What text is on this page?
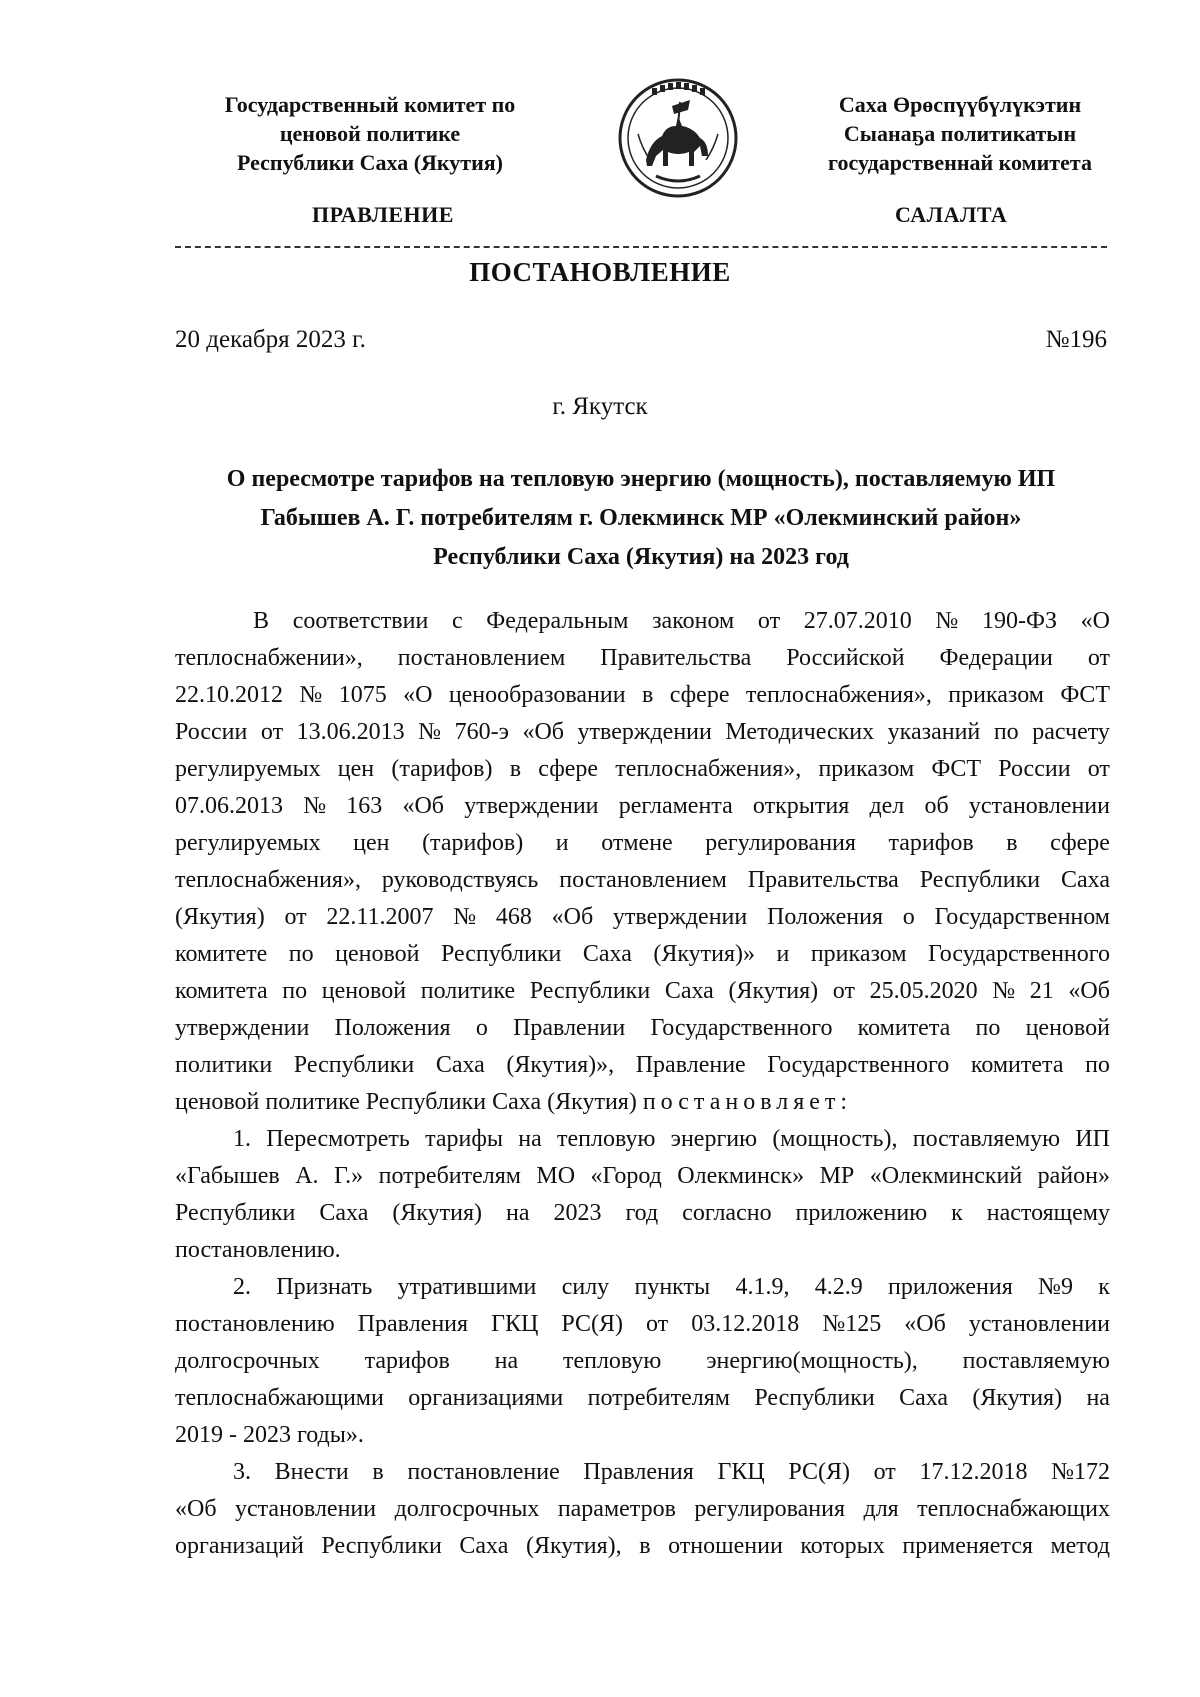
Государственный комитет по
ценовой политике
Республики Саха (Якутия)
Саха Өрөспүүбүлүкэтин
Сыанаҕа политикатын
государственнай комитета
ПРАВЛЕНИЕ	САЛАЛТА
ПОСТАНОВЛЕНИЕ
20 декабря 2023 г.	№196
г. Якутск
О пересмотре тарифов на тепловую энергию (мощность), поставляемую ИП
Габышев А. Г. потребителям г. Олекминск МР «Олекминский район»
Республики Саха (Якутия) на 2023 год
В соответствии с Федеральным законом от 27.07.2010 № 190-ФЗ «О
теплоснабжении», постановлением Правительства Российской Федерации от
22.10.2012 № 1075 «О ценообразовании в сфере теплоснабжения», приказом ФСТ
России от 13.06.2013 № 760-э «Об утверждении Методических указаний по расчету
регулируемых цен (тарифов) в сфере теплоснабжения», приказом ФСТ России от
07.06.2013 № 163 «Об утверждении регламента открытия дел об установлении
регулируемых цен (тарифов) и отмене регулирования тарифов в сфере
теплоснабжения», руководствуясь постановлением Правительства Республики Саха
(Якутия) от 22.11.2007 № 468 «Об утверждении Положения о Государственном
комитете по ценовой Республики Саха (Якутия)» и приказом Государственного
комитета по ценовой политике Республики Саха (Якутия) от 25.05.2020 № 21 «Об
утверждении Положения о Правлении Государственного комитета по ценовой
политики Республики Саха (Якутия)», Правление Государственного комитета по
ценовой политике Республики Саха (Якутия) постановляет:
1. Пересмотреть тарифы на тепловую энергию (мощность), поставляемую ИП
«Габышев А. Г.» потребителям МО «Город Олекминск» МР «Олекминский район»
Республики Саха (Якутия) на 2023 год согласно приложению к настоящему
постановлению.
2. Признать утратившими силу пункты 4.1.9, 4.2.9 приложения №9 к
постановлению Правления ГКЦ РС(Я) от 03.12.2018 №125 «Об установлении
долгосрочных тарифов на тепловую энергию(мощность), поставляемую
теплоснабжающими организациями потребителям Республики Саха (Якутия) на
2019 - 2023 годы».
3. Внести в постановление Правления ГКЦ РС(Я) от 17.12.2018 №172
«Об установлении долгосрочных параметров регулирования для теплоснабжающих
организаций Республики Саха (Якутия), в отношении которых применяется метод
